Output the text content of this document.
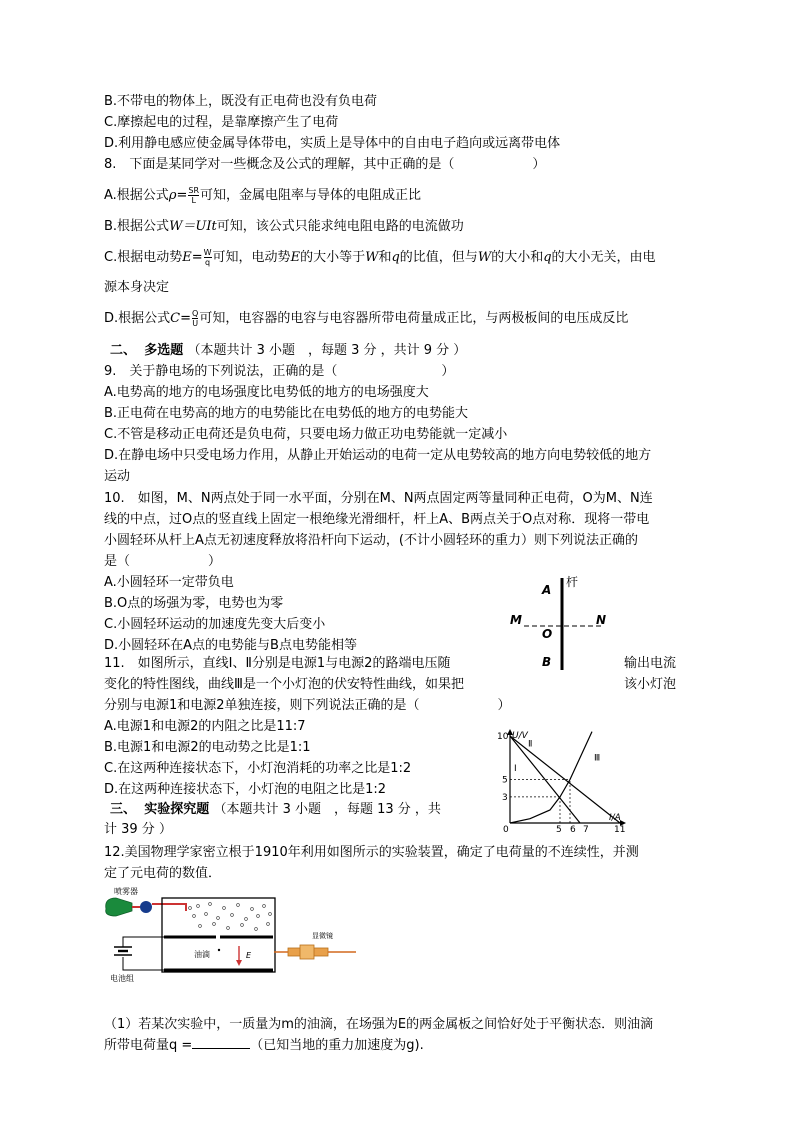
B.不带电的物体上，既没有正电荷也没有负电荷
C.摩擦起电的过程，是靠摩擦产生了电荷
D.利用静电感应使金属导体带电，实质上是导体中的自由电子趋向或远离带电体
8.　下面是某同学对一些概念及公式的理解，其中正确的是（　　　　　　）
A.根据公式$\rho= \frac{SR}{L}$ 可知，金属电阻率与导体的电阻成正比
B.根据公式W＝UIt可知，该公式只能求纯电阻电路的电流做功
C.根据电动势$E= \frac{W}{q}$ 可知，电动势E的大小等于W和q的比值，但与W的大小和q的大小无关，由电
源本身决定
D.根据公式$C= \frac{Q}{U}$ 可知，电容器的电容与电容器所带电荷量成正比，与两极板间的电压成反比
二、 多选题 （本题共计 3 小题　，每题 3 分 ，共计 9 分 ）
9.　关于静电场的下列说法，正确的是（　　　　　　　　）
A.电势高的地方的电场强度比电势低的地方的电场强度大
B.正电荷在电势高的地方的电势能比在电势低的地方的电势能大
C.不管是移动正电荷还是负电荷，只要电场力做正功电势能就一定减小
D.在静电场中只受电场力作用，从静止开始运动的电荷一定从电势较高的地方向电势较低的地方
运动
10.　如图，M、N两点处于同一水平面，分别在M、N两点固定两等量同种正电荷，O为M、N连
线的中点，过O点的竖直线上固定一根绝缘光滑细杆，杆上A、B两点关于O点对称．现将一带电
小圆轻环从杆上A点无初速度释放将沿杆向下运动，(不计小圆轻环的重力）则下列说法正确的
是（　　　　　　）
A.小圆轻环一定带负电
B.O点的场强为零，电势也为零
C.小圆轻环运动的加速度先变大后变小
D.小圆轻环在A点的电势能与B点电势能相等
杆
A
M
O
N
B
11.　如图所示，直线Ⅰ、Ⅱ分别是电源1与电源2的路端电压随	输出电流
变化的特性图线，曲线Ⅲ是一个小灯泡的伏安特性曲线，如果把	该小灯泡
分别与电源1和电源2单独连接，则下列说法正确的是（　　　　　　）
A.电源1和电源2的内阻之比是11:7
B.电源1和电源2的电动势之比是1:1
C.在这两种连接状态下，小灯泡消耗的功率之比是1:2
D.在这两种连接状态下，小灯泡的电阻之比是1:2
0	5 6 7	11
10
5
3
U/V
I/A
Ⅰ
Ⅱ
Ⅲ
三、 实验探究题 （本题共计 3 小题　，每题 13 分 ，共
计 39 分 ）
12.美国物理学家密立根于1910年利用如图所示的实验装置，确定了电荷量的不连续性，并测
定了元电荷的数值．
喷雾器
油滴	E
电池组
显微镜
（1）若某次实验中，一质量为m的油滴，在场强为E的两金属板之间恰好处于平衡状态．则油滴
所带电荷量q =	（已知当地的重力加速度为g).
